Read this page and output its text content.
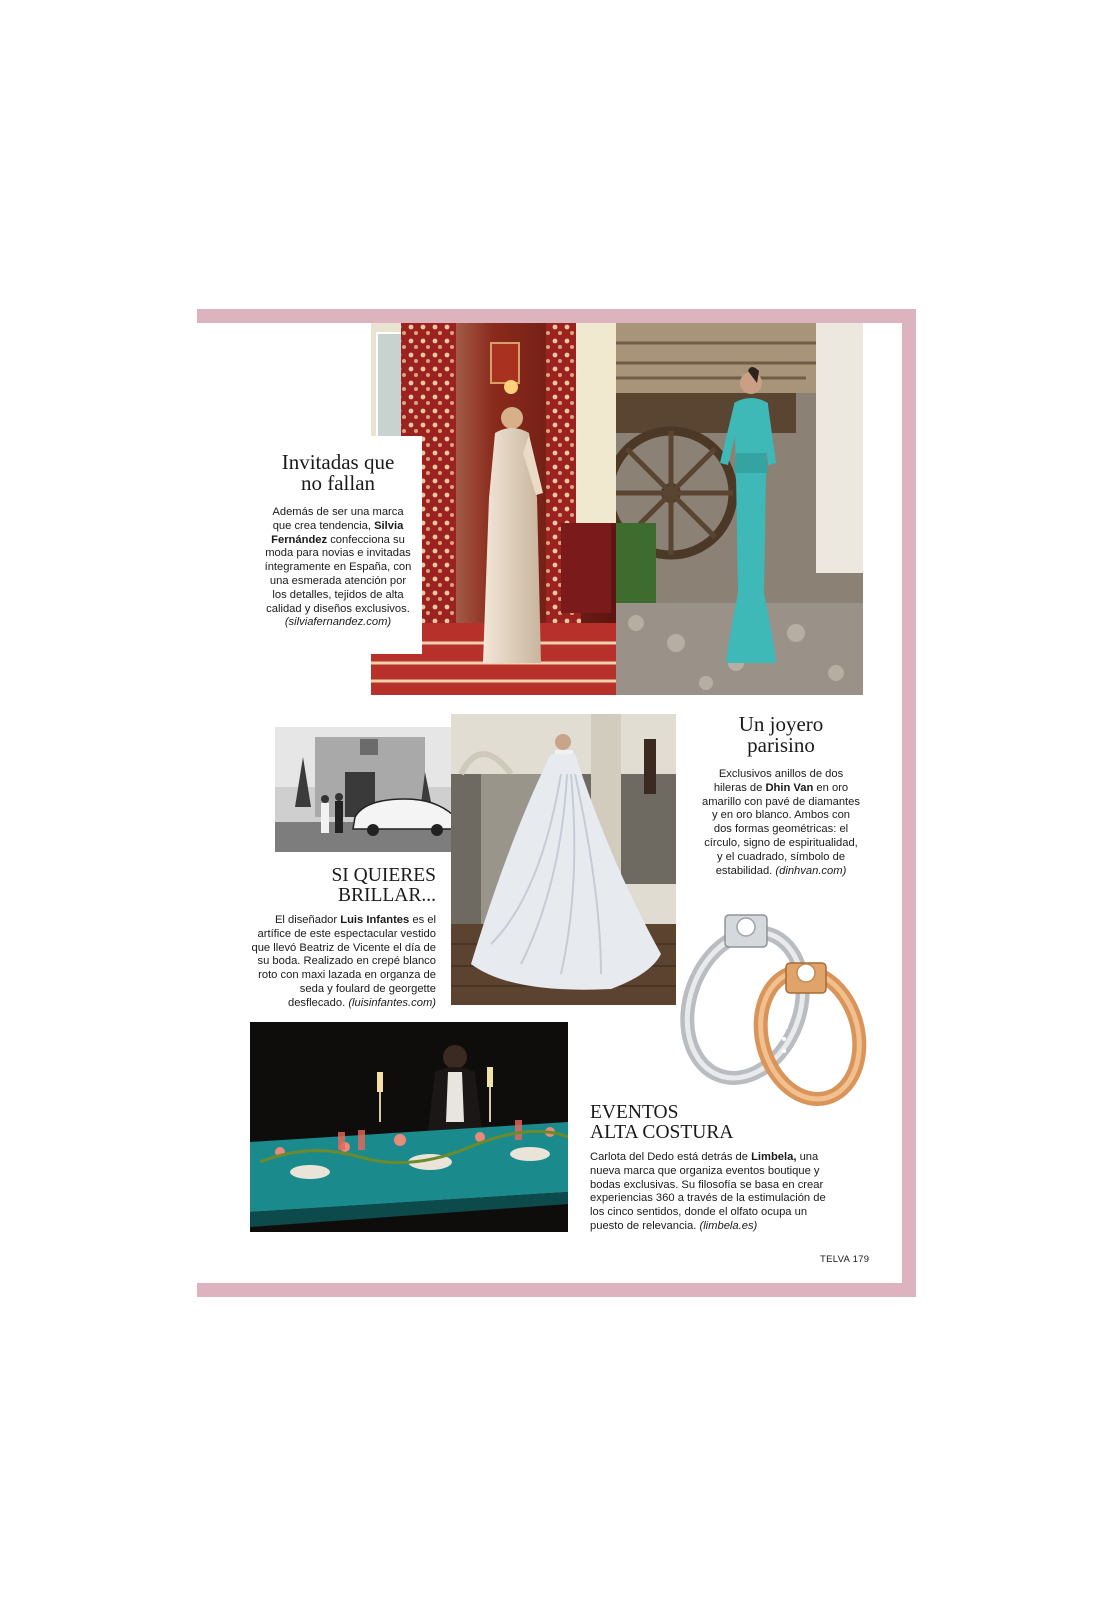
Invitadas que
no fallan

Además de ser una marca que crea tendencia, Silvia Fernández confecciona su moda para novias e invitadas íntegramente en España, con una esmerada atención por los detalles, tejidos de alta calidad y diseños exclusivos. (silviafernandez.com)

SI QUIERES
BRILLAR...

El diseñador Luis Infantes es el artífice de este espectacular vestido que llevó Beatriz de Vicente el día de su boda. Realizado en crepé blanco roto con maxi lazada en organza de seda y foulard de georgette desflecado. (luisinfantes.com)

Un joyero
parisino

Exclusivos anillos de dos hileras de Dhin Van en oro amarillo con pavé de diamantes y en oro blanco. Ambos con dos formas geométricas: el círculo, signo de espiritualidad, y el cuadrado, símbolo de estabilidad. (dinhvan.com)

EVENTOS
ALTA COSTURA

Carlota del Dedo está detrás de Limbela, una nueva marca que organiza eventos boutique y bodas exclusivas. Su filosofía se basa en crear experiencias 360 a través de la estimulación de los cinco sentidos, donde el olfato ocupa un puesto de relevancia. (limbela.es)

TELVA 179
